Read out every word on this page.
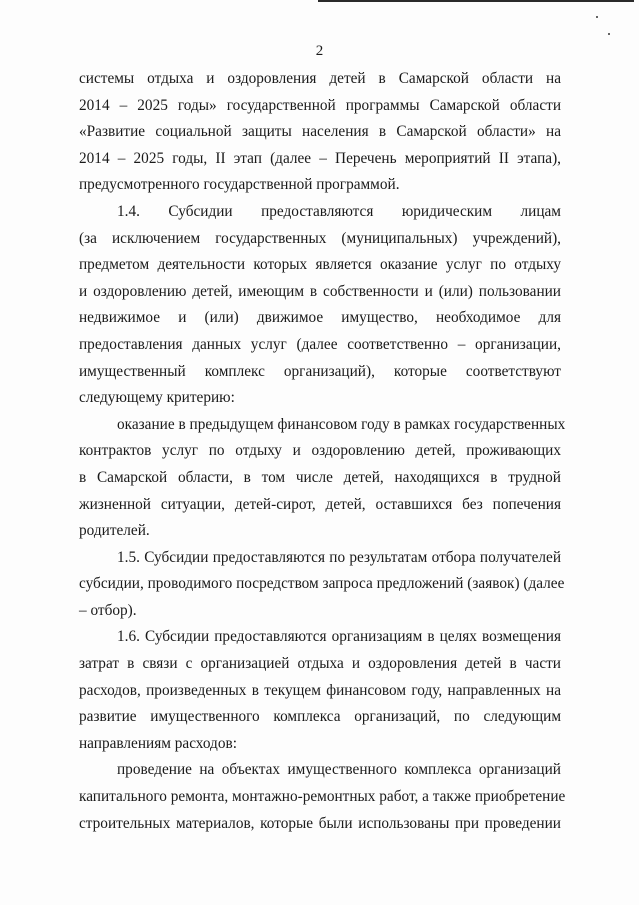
2
системы отдыха и оздоровления детей в Самарской области на
2014 – 2025 годы» государственной программы Самарской области
«Развитие социальной защиты населения в Самарской области» на
2014 – 2025 годы, II этап (далее – Перечень мероприятий II этапа),
предусмотренного государственной программой.
1.4. Субсидии предоставляются юридическим лицам
(за исключением государственных (муниципальных) учреждений),
предметом деятельности которых является оказание услуг по отдыху
и оздоровлению детей, имеющим в собственности и (или) пользовании
недвижимое и (или) движимое имущество, необходимое для
предоставления данных услуг (далее соответственно – организации,
имущественный комплекс организаций), которые соответствуют
следующему критерию:
оказание в предыдущем финансовом году в рамках государственных
контрактов услуг по отдыху и оздоровлению детей, проживающих
в Самарской области, в том числе детей, находящихся в трудной
жизненной ситуации, детей-сирот, детей, оставшихся без попечения
родителей.
1.5. Субсидии предоставляются по результатам отбора получателей
субсидии, проводимого посредством запроса предложений (заявок) (далее
– отбор).
1.6. Субсидии предоставляются организациям в целях возмещения
затрат в связи с организацией отдыха и оздоровления детей в части
расходов, произведенных в текущем финансовом году, направленных на
развитие имущественного комплекса организаций, по следующим
направлениям расходов:
проведение на объектах имущественного комплекса организаций
капитального ремонта, монтажно-ремонтных работ, а также приобретение
строительных материалов, которые были использованы при проведении
